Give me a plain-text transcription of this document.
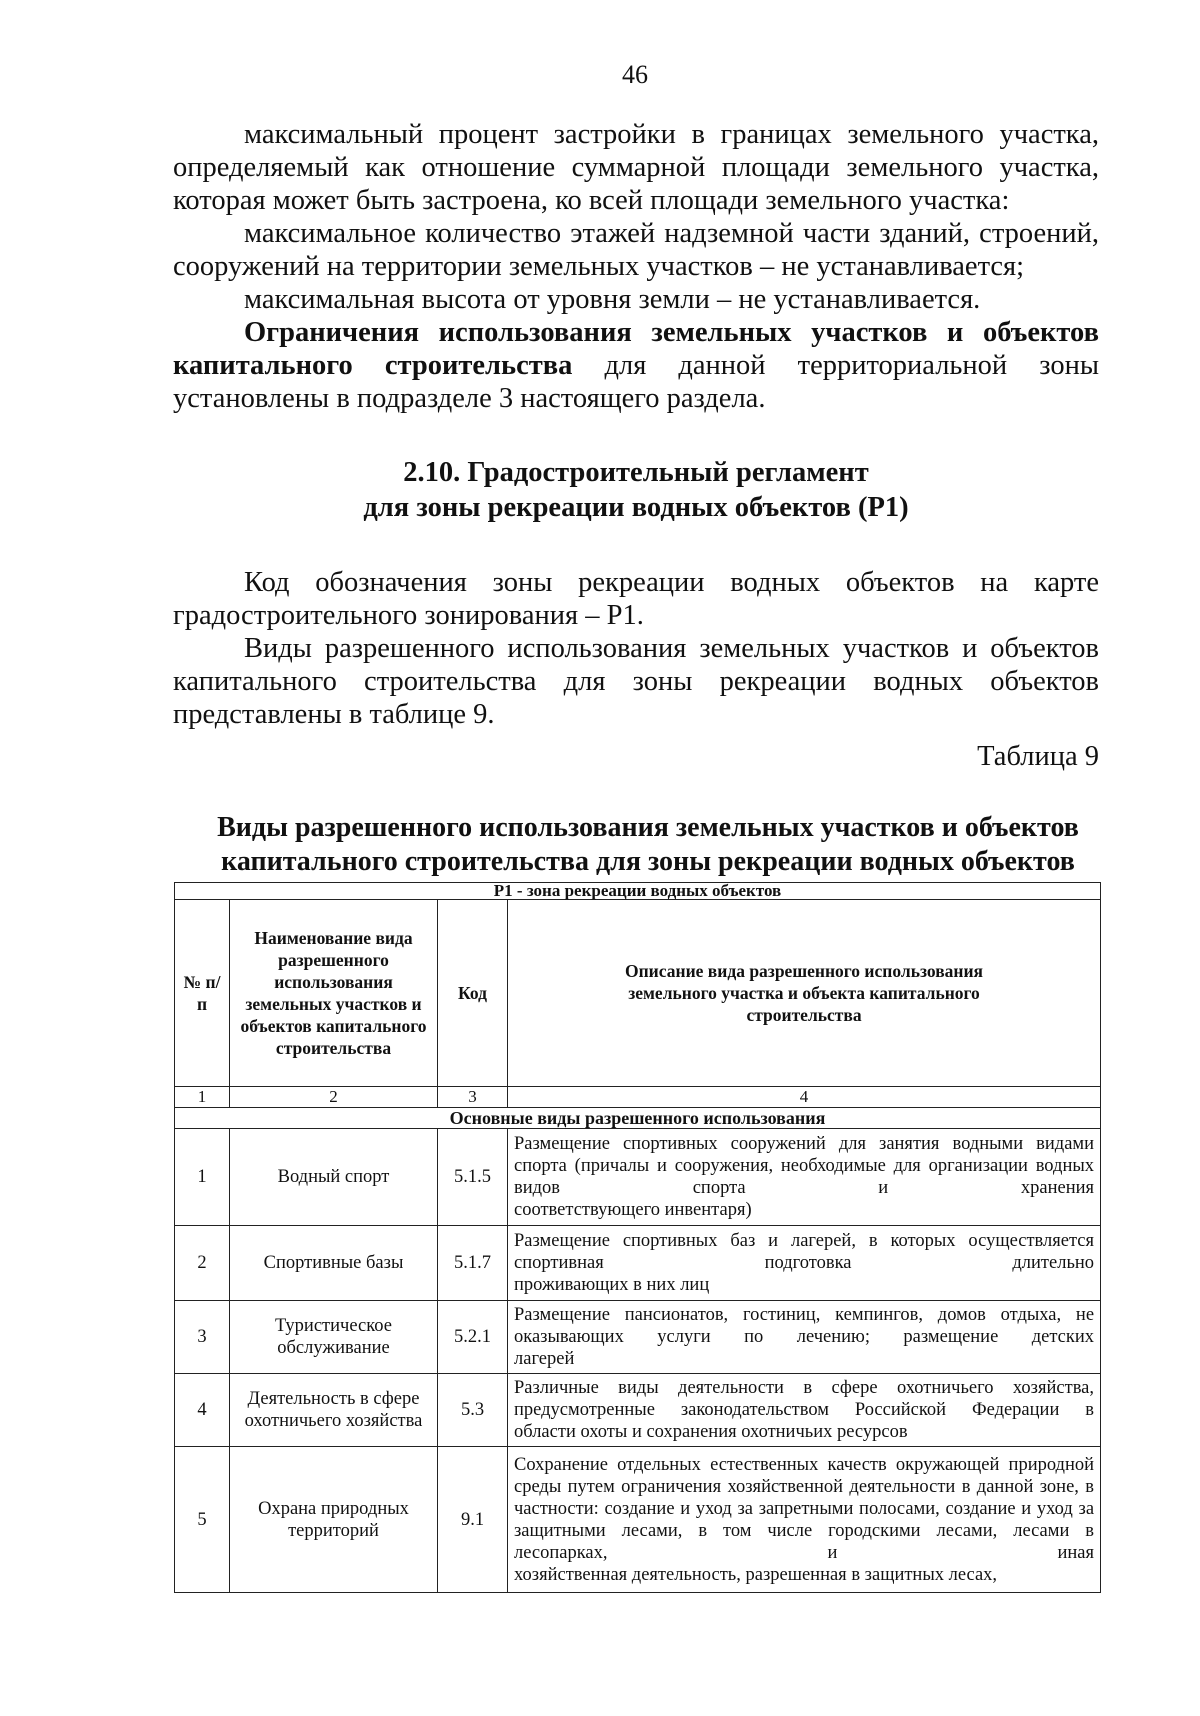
46

максимальный процент застройки в границах земельного участка, определяемый как отношение суммарной площади земельного участка, которая может быть застроена, ко всей площади земельного участка:

максимальное количество этажей надземной части зданий, строений, сооружений на территории земельных участков – не устанавливается;

максимальная высота от уровня земли – не устанавливается.

Ограничения использования земельных участков и объектов капитального строительства для данной территориальной зоны установлены в подразделе 3 настоящего раздела.

2.10. Градостроительный регламент
для зоны рекреации водных объектов (Р1)

Код обозначения зоны рекреации водных объектов на карте градостроительного зонирования – Р1.

Виды разрешенного использования земельных участков и объектов капитального строительства для зоны рекреации водных объектов представлены в таблице 9.

Таблица 9
Виды разрешенного использования земельных участков и объектов
капитального строительства для зоны рекреации водных объектов
Р1 - зона рекреации водных объектов			
№ п/п	Наименование вида разрешенного использования земельных участков и объектов капитального строительства	Код	Описание вида разрешенного использования земельного участка и объекта капитального строительства
1	2	3	4
Основные виды разрешенного использования			
1	Водный спорт	5.1.5	Размещение спортивных сооружений для занятия водными видами спорта (причалы и сооружения, необходимые для организации водных видов спорта и хранения
соответствующего инвентаря)

2	Спортивные базы	5.1.7	Размещение спортивных баз и лагерей, в которых осуществляется спортивная подготовка длительно
проживающих в них лиц

3	Туристическое обслуживание	5.2.1	Размещение пансионатов, гостиниц, кемпингов, домов отдыха, не оказывающих услуги по лечению; размещение детских
лагерей

4	Деятельность в сфере охотничьего хозяйства	5.3	Различные виды деятельности в сфере охотничьего хозяйства, предусмотренные законодательством Российской Федерации в
области охоты и сохранения охотничьих ресурсов

5	Охрана природных территорий	9.1	Сохранение отдельных естественных качеств окружающей природной среды путем ограничения хозяйственной деятельности в данной зоне, в частности: создание и уход за запретными полосами, создание и уход за защитными лесами, в том числе городскими лесами, лесами в лесопарках, и иная
хозяйственная деятельность, разрешенная в защитных лесах,
